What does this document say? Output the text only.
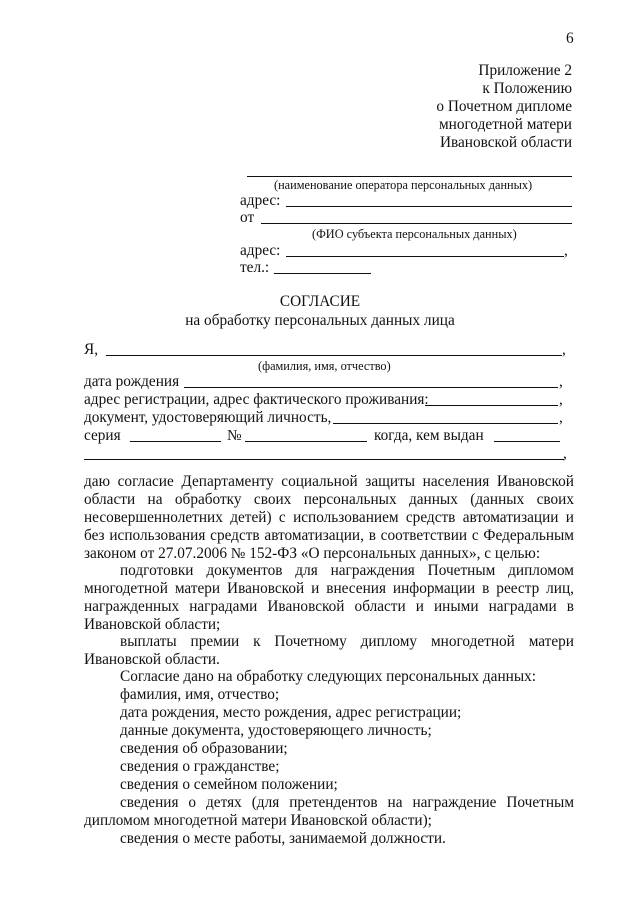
6
Приложение 2
к Положению
о Почетном дипломе
многодетной матери
Ивановской области
(наименование оператора персональных данных)
адрес:
от
(ФИО субъекта персональных данных)
адрес:	,
тел.:
СОГЛАСИЕ
на обработку персональных данных лица
Я,	,
(фамилия, имя, отчество)
дата рождения	,
адрес регистрации, адрес фактического проживания:	,
документ, удостоверяющий личность,	,
серия	№	когда, кем выдан
,
даю согласие Департаменту социальной защиты населения Ивановской области на обработку своих персональных данных (данных своих несовершеннолетних детей) с использованием средств автоматизации и без использования средств автоматизации, в соответствии с Федеральным законом от 27.07.2006 № 152-ФЗ «О персональных данных», с целью:
подготовки документов для награждения Почетным дипломом многодетной матери Ивановской и внесения информации в реестр лиц, награжденных наградами Ивановской области и иными наградами в Ивановской области;
выплаты премии к Почетному диплому многодетной матери Ивановской области.
Согласие дано на обработку следующих персональных данных:
фамилия, имя, отчество;
дата рождения, место рождения, адрес регистрации;
данные документа, удостоверяющего личность;
сведения об образовании;
сведения о гражданстве;
сведения о семейном положении;
сведения о детях (для претендентов на награждение Почетным дипломом многодетной матери Ивановской области);
сведения о месте работы, занимаемой должности.
